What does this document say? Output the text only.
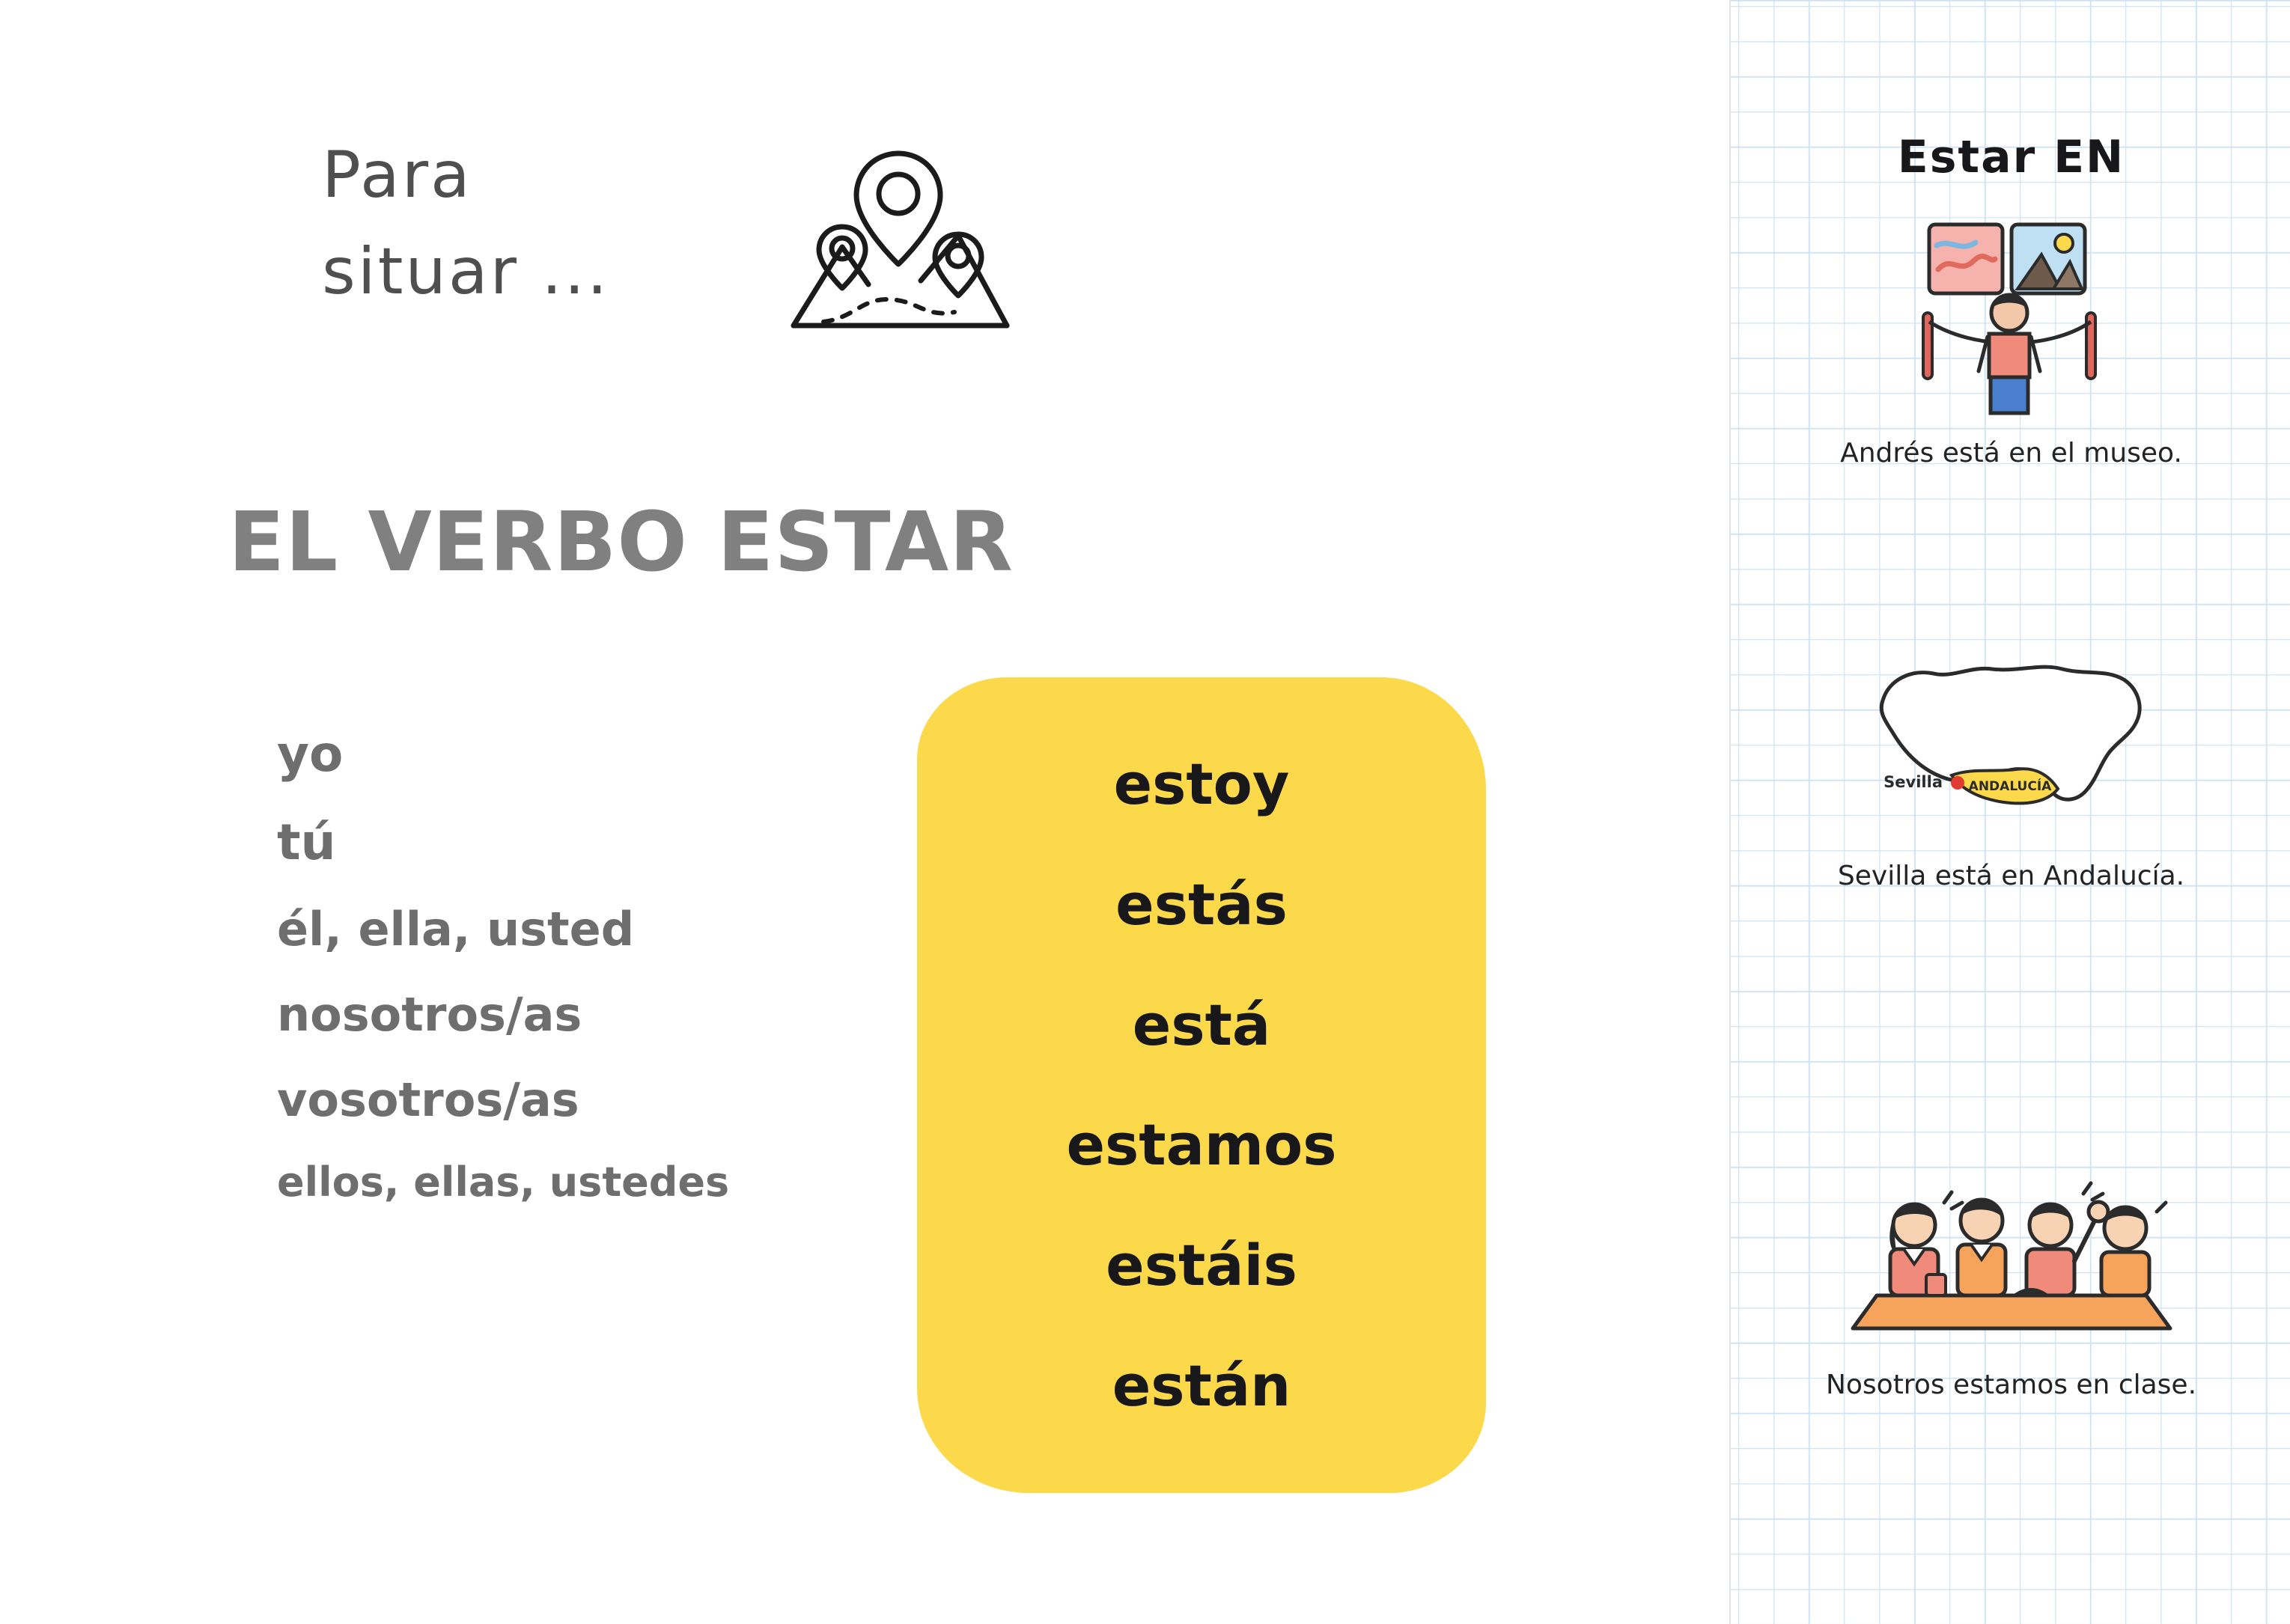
Para
situar ...
EL VERBO ESTAR
yo
tú
él, ella, usted
nosotros/as
vosotros/as
ellos, ellas, ustedes
estoy
estás
está
estamos
estáis
están
Estar EN
Andrés está en el museo.
ANDALUCÍA
Sevilla
Sevilla está en Andalucía.
Nosotros estamos en clase.
